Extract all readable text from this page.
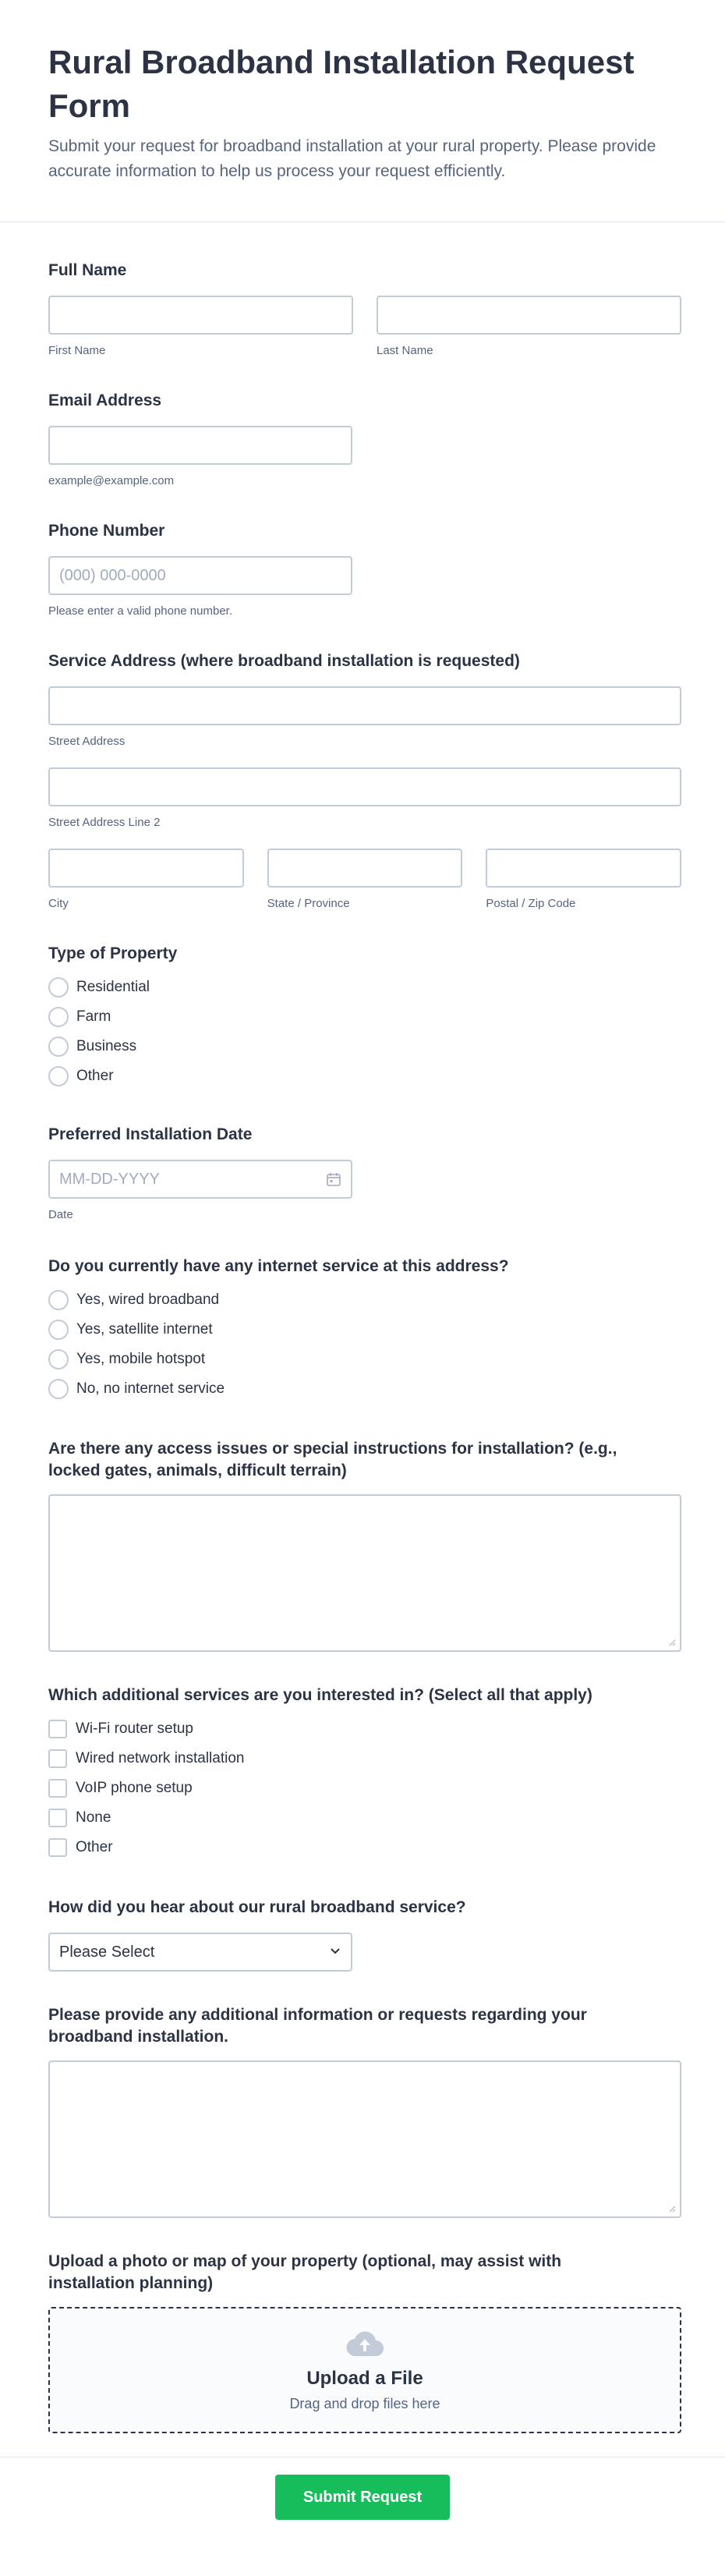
Rural Broadband Installation Request Form

Submit your request for broadband installation at your rural property. Please provide accurate information to help us process your request efficiently.

Full Name
First Name	Last Name
Email Address
example@example.com
Phone Number
(000) 000-0000
Please enter a valid phone number.
Service Address (where broadband installation is requested)
Street Address
Street Address Line 2
City	State / Province	Postal / Zip Code
Type of Property
Residential
Farm
Business
Other
Preferred Installation Date
MM-DD-YYYY
Date
Do you currently have any internet service at this address?
Yes, wired broadband
Yes, satellite internet
Yes, mobile hotspot
No, no internet service
Are there any access issues or special instructions for installation? (e.g., locked gates, animals, difficult terrain)
Which additional services are you interested in? (Select all that apply)
Wi-Fi router setup
Wired network installation
VoIP phone setup
None
Other
How did you hear about our rural broadband service?
Please Select
Please provide any additional information or requests regarding your broadband installation.
Upload a photo or map of your property (optional, may assist with installation planning)
Upload a File
Drag and drop files here
Submit Request
